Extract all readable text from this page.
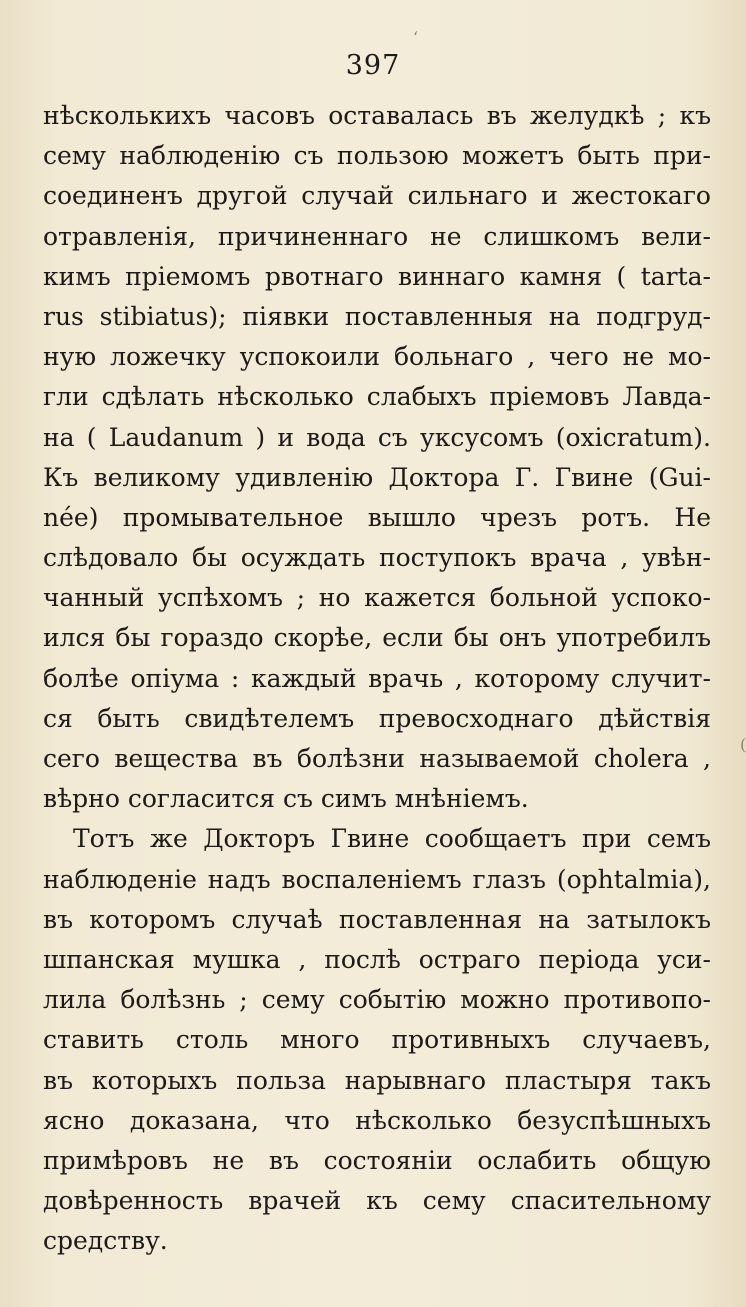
‘
397
нѣсколькихъ часовъ оставалась въ желудкѣ ; къ
сему наблюденію съ пользою можетъ быть при-
соединенъ другой случай сильнаго и жестокаго
отравленія, причиненнаго не слишкомъ вели-
кимъ пріемомъ рвотнаго виннаго камня ( tarta-
rus stibiatus); піявки поставленныя на подгруд-
ную ложечку успокоили больнаго , чего не мо-
гли сдѣлать нѣсколько слабыхъ пріемовъ Лавда-
на ( Laudanum ) и вода съ уксусомъ (oxicratum).
Къ великому удивленію Доктора Г. Гвине (Gui-
née) промывательное вышло чрезъ ротъ. Не
слѣдовало бы осуждать поступокъ врача , увѣн-
чанный успѣхомъ ; но кажется больной успоко-
ился бы гораздо скорѣе, если бы онъ употребилъ
болѣе опіума : каждый врачь , которому случит-
ся быть свидѣтелемъ превосходнаго дѣйствія
сего вещества въ болѣзни называемой cholera ,
вѣрно согласится съ симъ мнѣніемъ.
Тотъ же Докторъ Гвине сообщаетъ при семъ
наблюденіе надъ воспаленіемъ глазъ (ophtalmia),
въ которомъ случаѣ поставленная на затылокъ
шпанская мушка , послѣ остраго періода уси-
лила болѣзнь ; сему событію можно противопо-
ставить столь много противныхъ случаевъ,
въ которыхъ польза нарывнаго пластыря такъ
ясно доказана, что нѣсколько безуспѣшныхъ
примѣровъ не въ состояніи ослабить общую
довѣренность врачей къ сему спасительному
средству.
(
